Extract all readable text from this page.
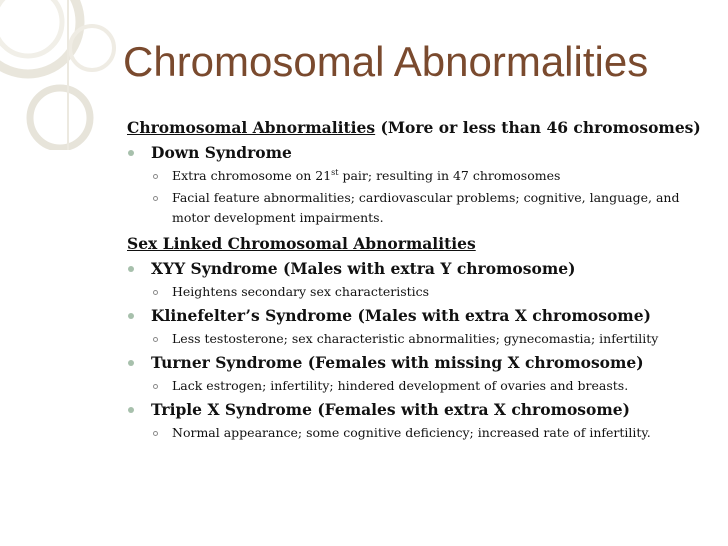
Chromosomal Abnormalities
Chromosomal Abnormalities (More or less than 46 chromosomes)
Down Syndrome
Extra chromosome on 21st pair; resulting in 47 chromosomes
Facial feature abnormalities; cardiovascular problems; cognitive, language, and
motor development impairments.
Sex Linked Chromosomal Abnormalities
XYY Syndrome (Males with extra Y chromosome)
Heightens secondary sex characteristics
Klinefelter’s Syndrome (Males with extra X chromosome)
Less testosterone; sex characteristic abnormalities; gynecomastia; infertility
Turner Syndrome (Females with missing X chromosome)
Lack estrogen; infertility; hindered development of ovaries and breasts.
Triple X Syndrome (Females with extra X chromosome)
Normal appearance; some cognitive deficiency; increased rate of infertility.
